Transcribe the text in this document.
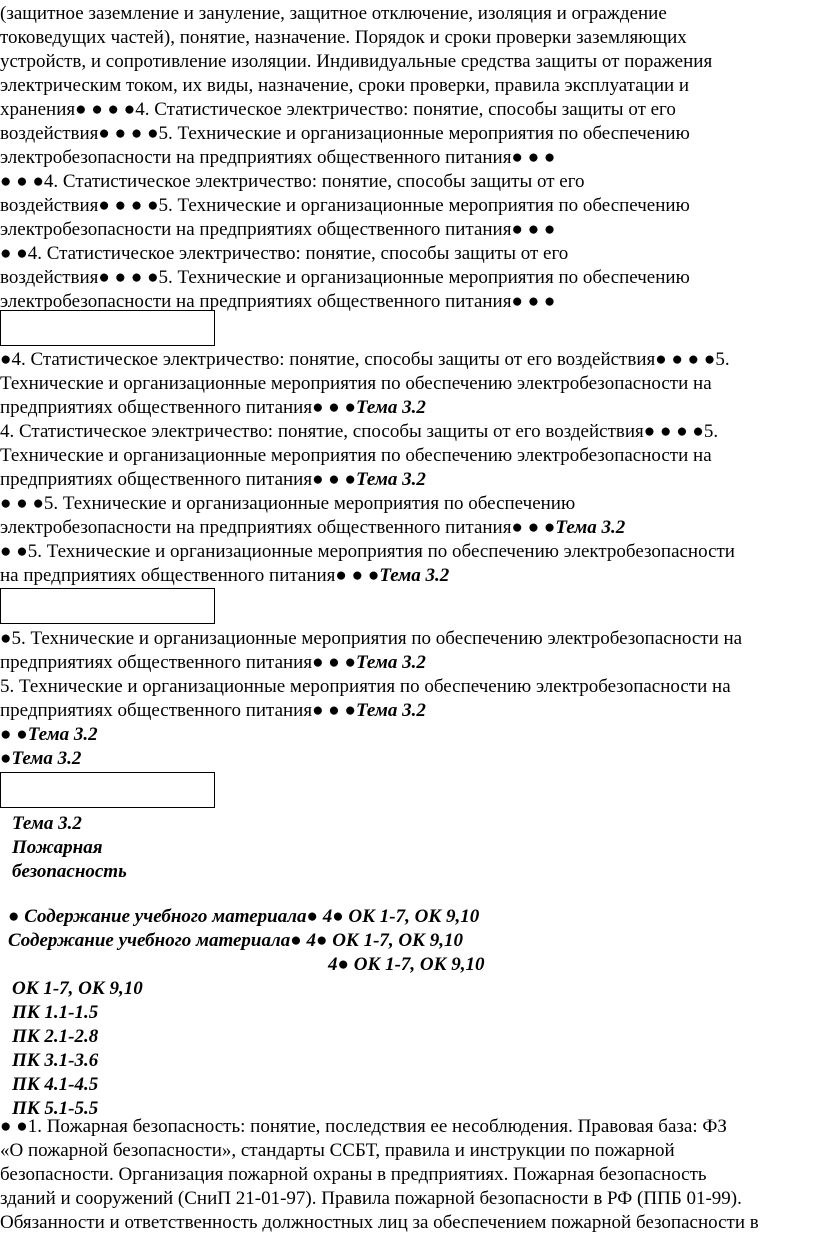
(защитное заземление и зануление, защитное отключение, изоляция и ограждение
токоведущих частей), понятие, назначение. Порядок и сроки проверки заземляющих
устройств, и сопротивление изоляции. Индивидуальные средства защиты от поражения
электрическим током, их виды, назначение, сроки проверки, правила эксплуатации и
хранения● ● ● ●4. Статистическое электричество: понятие, способы защиты от его
воздействия● ● ● ●5. Технические и организационные мероприятия по обеспечению
электробезопасности на предприятиях общественного питания● ● ●
● ● ●4. Статистическое электричество: понятие, способы защиты от его
воздействия● ● ● ●5. Технические и организационные мероприятия по обеспечению
электробезопасности на предприятиях общественного питания● ● ●
● ●4. Статистическое электричество: понятие, способы защиты от его
воздействия● ● ● ●5. Технические и организационные мероприятия по обеспечению
электробезопасности на предприятиях общественного питания● ● ●
●4. Статистическое электричество: понятие, способы защиты от его воздействия● ● ● ●5.
Технические и организационные мероприятия по обеспечению электробезопасности на
предприятиях общественного питания● ● ●Тема 3.2
4. Статистическое электричество: понятие, способы защиты от его воздействия● ● ● ●5.
Технические и организационные мероприятия по обеспечению электробезопасности на
предприятиях общественного питания● ● ●Тема 3.2
● ● ●5. Технические и организационные мероприятия по обеспечению
электробезопасности на предприятиях общественного питания● ● ●Тема 3.2
● ●5. Технические и организационные мероприятия по обеспечению электробезопасности
на предприятиях общественного питания● ● ●Тема 3.2
●5. Технические и организационные мероприятия по обеспечению электробезопасности на
предприятиях общественного питания● ● ●Тема 3.2
5. Технические и организационные мероприятия по обеспечению электробезопасности на
предприятиях общественного питания● ● ●Тема 3.2
● ●Тема 3.2
●Тема 3.2
Тема 3.2
Пожарная
безопасность
● Содержание учебного материала● 4● ОК 1-7, ОК 9,10
Содержание учебного материала● 4● ОК 1-7, ОК 9,10
4● ОК 1-7, ОК 9,10
ОК 1-7, ОК 9,10
ПК 1.1-1.5
ПК 2.1-2.8
ПК 3.1-3.6
ПК 4.1-4.5
ПК 5.1-5.5
● ●1. Пожарная безопасность: понятие, последствия ее несоблюдения. Правовая база: ФЗ
«О пожарной безопасности», стандарты ССБТ, правила и инструкции по пожарной
безопасности. Организация пожарной охраны в предприятиях. Пожарная безопасность
зданий и сооружений (СниП 21-01-97). Правила пожарной безопасности в РФ (ППБ 01-99).
Обязанности и ответственность должностных лиц за обеспечением пожарной безопасности в
